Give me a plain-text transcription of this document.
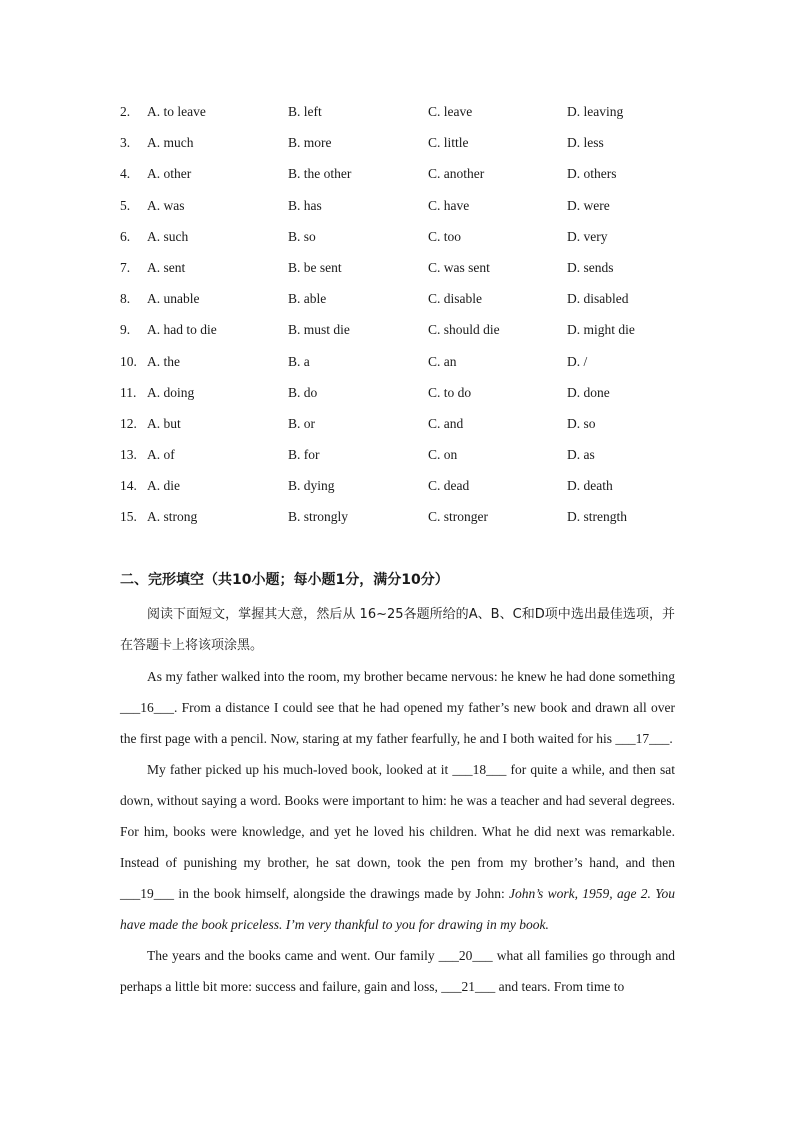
2. A. to leave	B. left	C. leave	D. leaving
3. A. much	B. more	C. little	D. less
4. A. other	B. the other	C. another	D. others
5. A. was	B. has	C. have	D. were
6. A. such	B. so	C. too	D. very
7. A. sent	B. be sent	C. was sent	D. sends
8. A. unable	B. able	C. disable	D. disabled
9. A. had to die	B. must die	C. should die	D. might die
10. A. the	B. a	C. an	D. /
11. A. doing	B. do	C. to do	D. done
12. A. but	B. or	C. and	D. so
13. A. of	B. for	C. on	D. as
14. A. die	B. dying	C. dead	D. death
15. A. strong	B. strongly	C. stronger	D. strength
二、完形填空（共10小题；每小题1分，满分10分）

阅读下面短文，掌握其大意，然后从 16~25各题所给的A、B、C和D项中选出最佳选项，并在答题卡上将该项涂黑。

As my father walked into the room, my brother became nervous: he knew he had done something ___16___. From a distance I could see that he had opened my father’s new book and drawn all over the first page with a pencil. Now, staring at my father fearfully, he and I both waited for his ___17___.

My father picked up his much-loved book, looked at it ___18___ for quite a while, and then sat down, without saying a word. Books were important to him: he was a teacher and had several degrees. For him, books were knowledge, and yet he loved his children. What he did next was remarkable. Instead of punishing my brother, he sat down, took the pen from my brother’s hand, and then ___19___ in the book himself, alongside the drawings made by John: John’s work, 1959, age 2. You have made the book priceless. I’m very thankful to you for drawing in my book.

The years and the books came and went. Our family ___20___ what all families go through and perhaps a little bit more: success and failure, gain and loss, ___21___ and tears. From time to
